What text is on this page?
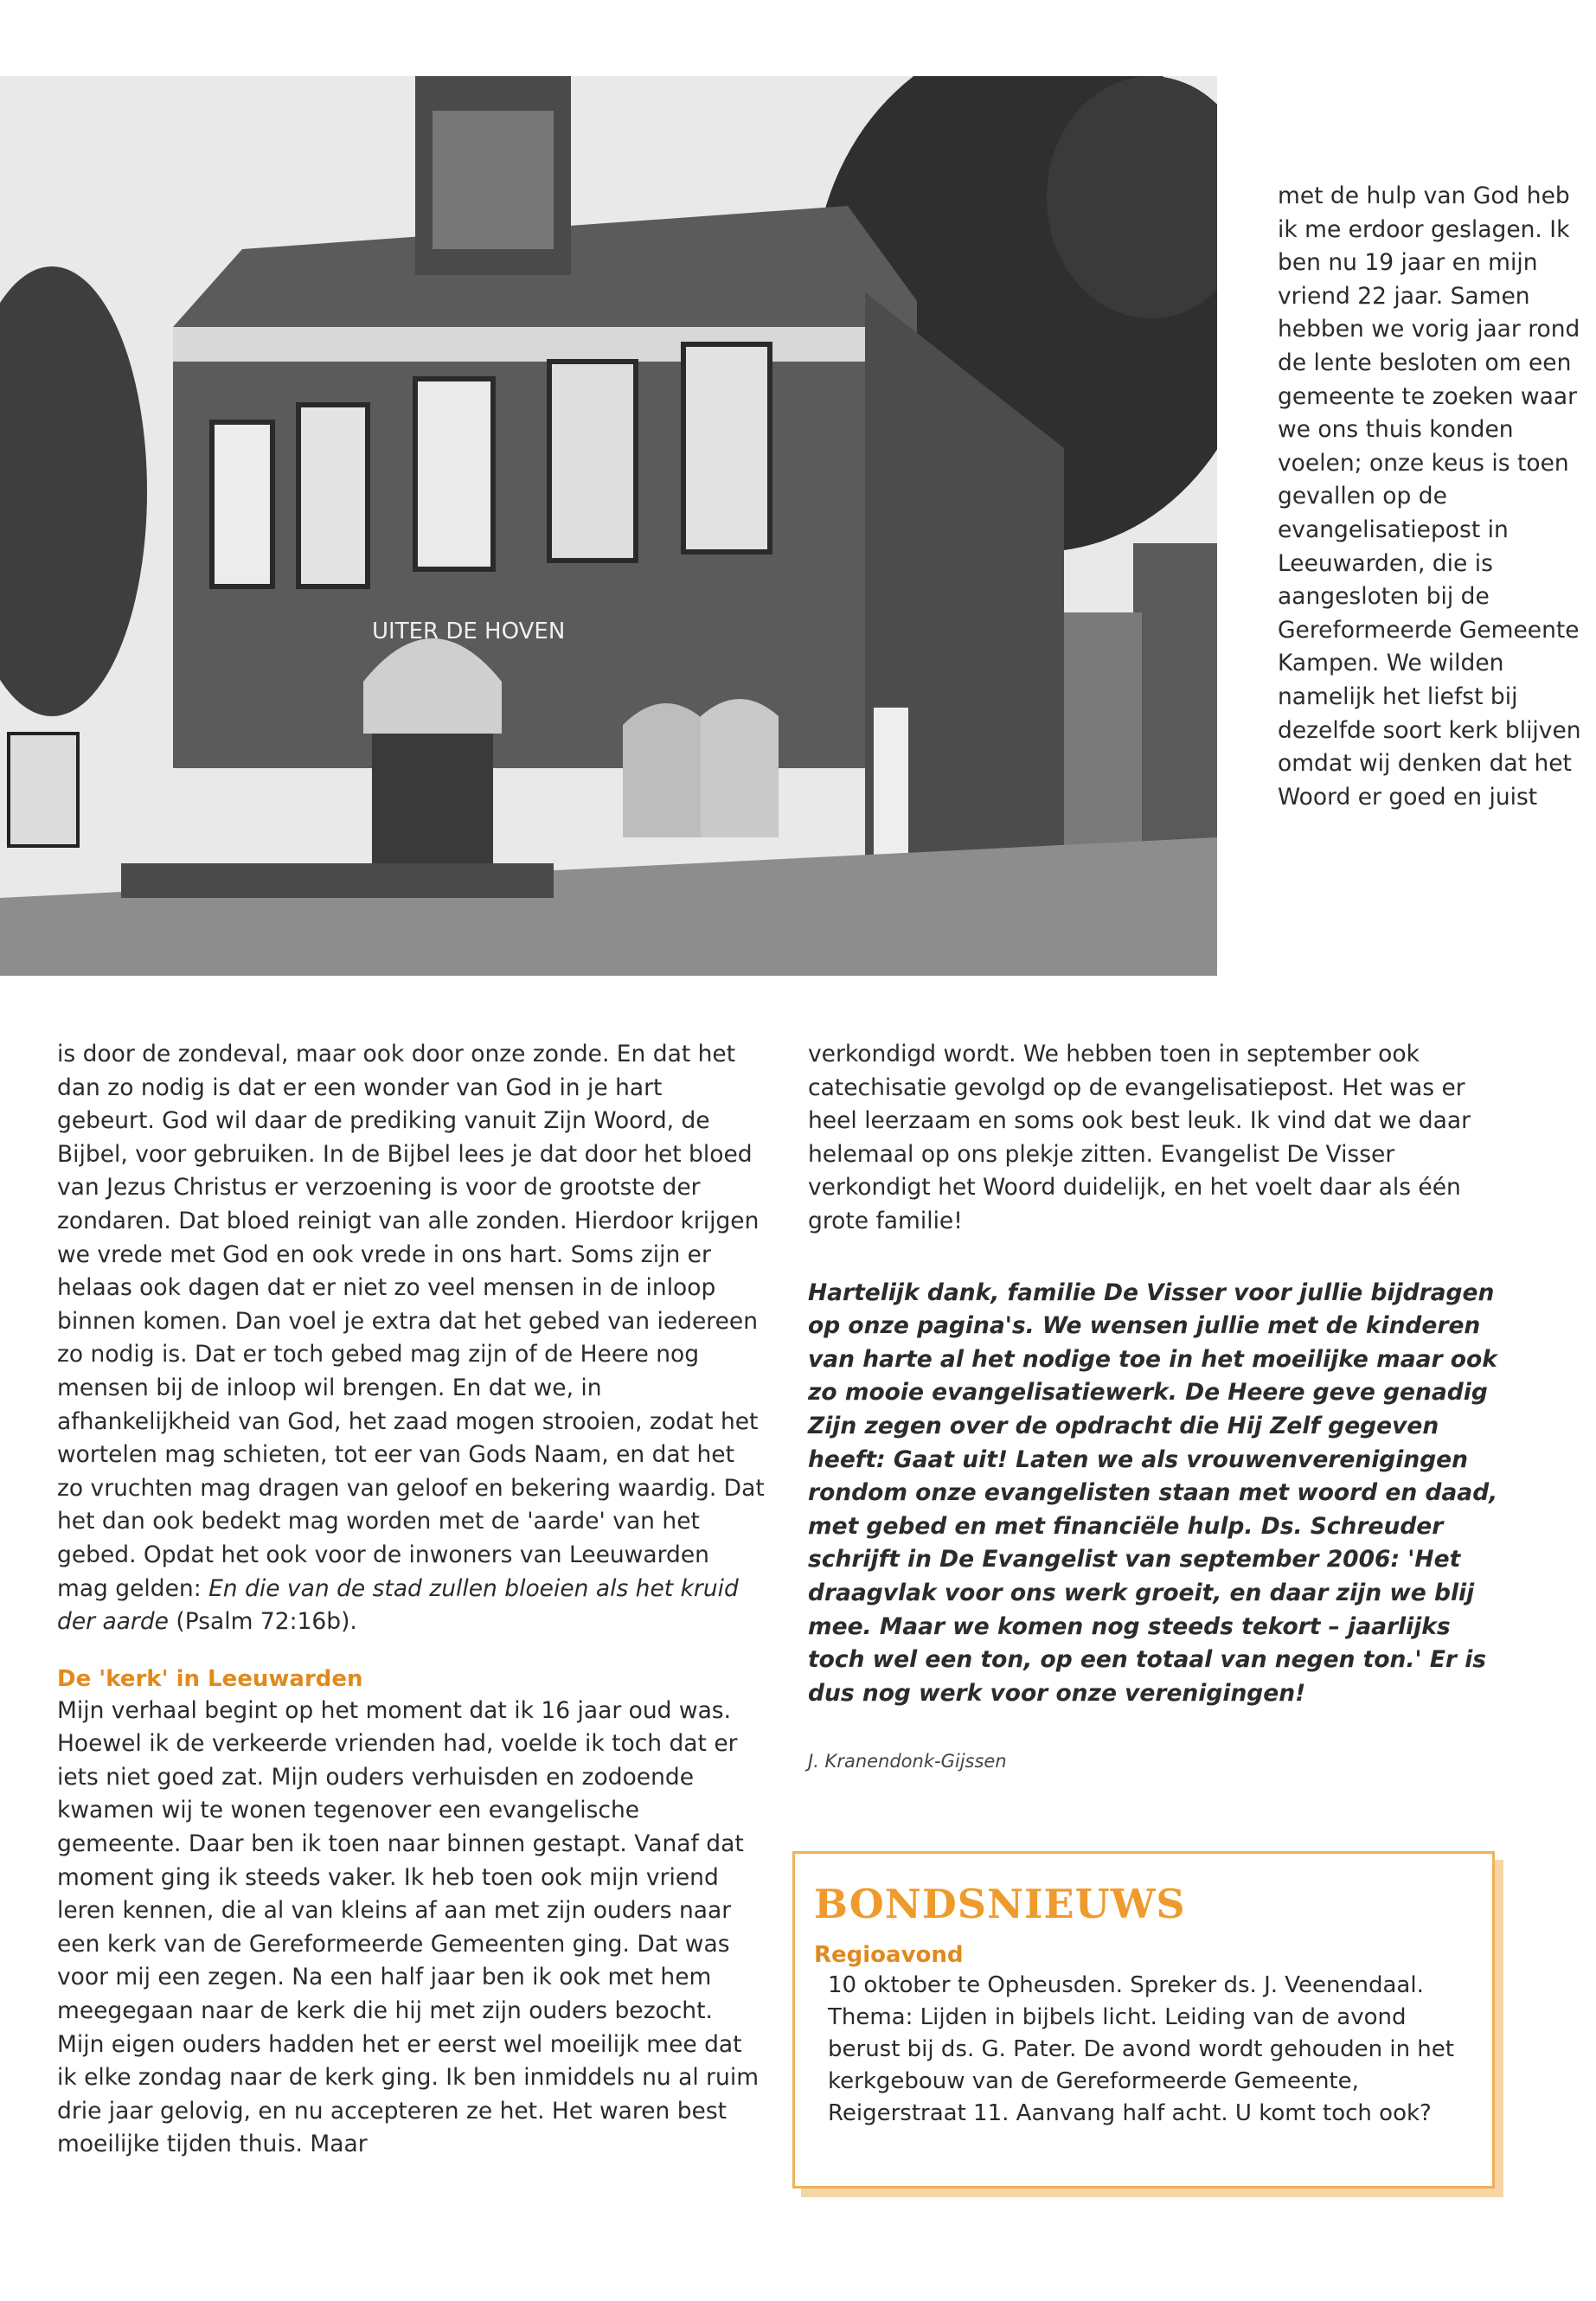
UITER DE HOVEN

met de hulp van God heb ik me erdoor geslagen. Ik ben nu 19 jaar en mijn vriend 22 jaar. Samen hebben we vorig jaar rond de lente besloten om een gemeente te zoeken waar we ons thuis konden voelen; onze keus is toen gevallen op de evangelisatiepost in Leeuwarden, die is aangesloten bij de Gereformeerde Gemeente Kampen. We wilden namelijk het liefst bij dezelfde soort kerk blijven omdat wij denken dat het Woord er goed en juist

is door de zondeval, maar ook door onze zonde. En dat het dan zo nodig is dat er een wonder van God in je hart gebeurt. God wil daar de prediking vanuit Zijn Woord, de Bijbel, voor gebruiken. In de Bijbel lees je dat door het bloed van Jezus Christus er verzoening is voor de grootste der zondaren. Dat bloed reinigt van alle zonden. Hierdoor krijgen we vrede met God en ook vrede in ons hart. Soms zijn er helaas ook dagen dat er niet zo veel mensen in de inloop binnen komen. Dan voel je extra dat het gebed van iedereen zo nodig is. Dat er toch gebed mag zijn of de Heere nog mensen bij de inloop wil brengen. En dat we, in afhankelijkheid van God, het zaad mogen strooien, zodat het wortelen mag schieten, tot eer van Gods Naam, en dat het zo vruchten mag dragen van geloof en bekering waardig. Dat het dan ook bedekt mag worden met de 'aarde' van het gebed. Opdat het ook voor de inwoners van Leeuwarden mag gelden: En die van de stad zullen bloeien als het kruid der aarde (Psalm 72:16b).

De 'kerk' in Leeuwarden

Mijn verhaal begint op het moment dat ik 16 jaar oud was. Hoewel ik de verkeerde vrienden had, voelde ik toch dat er iets niet goed zat. Mijn ouders verhuisden en zodoende kwamen wij te wonen tegenover een evangelische gemeente. Daar ben ik toen naar binnen gestapt. Vanaf dat moment ging ik steeds vaker. Ik heb toen ook mijn vriend leren kennen, die al van kleins af aan met zijn ouders naar een kerk van de Gereformeerde Gemeenten ging. Dat was voor mij een zegen. Na een half jaar ben ik ook met hem meegegaan naar de kerk die hij met zijn ouders bezocht. Mijn eigen ouders hadden het er eerst wel moeilijk mee dat ik elke zondag naar de kerk ging. Ik ben inmiddels nu al ruim drie jaar gelovig, en nu accepteren ze het. Het waren best moeilijke tijden thuis. Maar

verkondigd wordt. We hebben toen in september ook catechisatie gevolgd op de evangelisatiepost. Het was er heel leerzaam en soms ook best leuk. Ik vind dat we daar helemaal op ons plekje zitten. Evangelist De Visser verkondigt het Woord duidelijk, en het voelt daar als één grote familie!

Hartelijk dank, familie De Visser voor jullie bijdragen op onze pagina's. We wensen jullie met de kinderen van harte al het nodige toe in het moeilijke maar ook zo mooie evangelisatiewerk. De Heere geve genadig Zijn zegen over de opdracht die Hij Zelf gegeven heeft: Gaat uit! Laten we als vrouwenverenigingen rondom onze evangelisten staan met woord en daad, met gebed en met financiële hulp. Ds. Schreuder schrijft in De Evangelist van september 2006: 'Het draagvlak voor ons werk groeit, en daar zijn we blij mee. Maar we komen nog steeds tekort – jaarlijks toch wel een ton, op een totaal van negen ton.' Er is dus nog werk voor onze verenigingen!

J. Kranendonk-Gijssen

BONDSNIEUWS
Regioavond
10 oktober te Opheusden. Spreker ds. J. Veenendaal. Thema: Lijden in bijbels licht. Leiding van de avond berust bij ds. G. Pater. De avond wordt gehouden in het kerkgebouw van de Gereformeerde Gemeente, Reigerstraat 11. Aanvang half acht. U komt toch ook?
